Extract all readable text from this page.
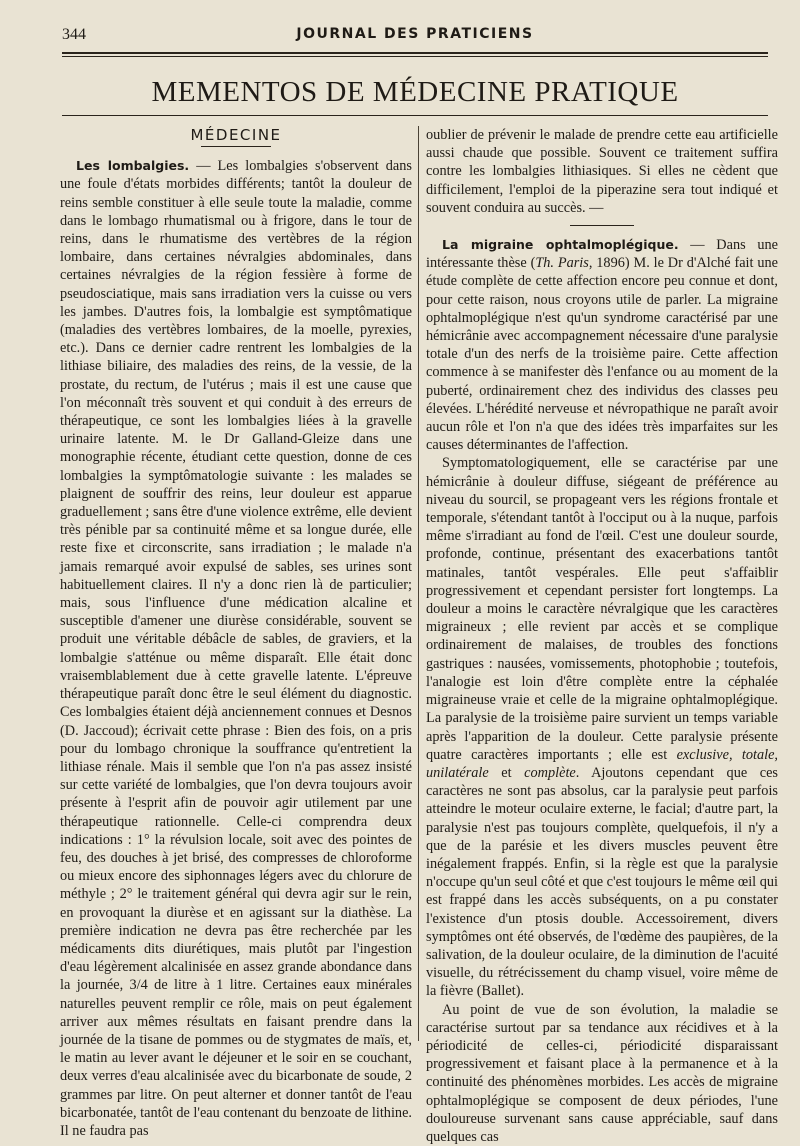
344	JOURNAL DES PRATICIENS
MEMENTOS DE MÉDECINE PRATIQUE
MÉDECINE

Les lombalgies. — Les lombalgies s'observent dans une foule d'états morbides différents; tantôt la douleur de reins semble constituer à elle seule toute la maladie, comme dans le lombago rhumatismal ou à frigore, dans le tour de reins, dans le rhumatisme des vertèbres de la région lombaire, dans certaines névralgies abdominales, dans certaines névralgies de la région fessière à forme de pseudosciatique, mais sans irradiation vers la cuisse ou vers les jambes. D'autres fois, la lombalgie est symptômatique (maladies des vertèbres lombaires, de la moelle, pyrexies, etc.). Dans ce dernier cadre rentrent les lombalgies de la lithiase biliaire, des maladies des reins, de la vessie, de la prostate, du rectum, de l'utérus ; mais il est une cause que l'on méconnaît très souvent et qui conduit à des erreurs de thérapeutique, ce sont les lombalgies liées à la gravelle urinaire latente. M. le Dr Galland-Gleize dans une monographie récente, étudiant cette question, donne de ces lombalgies la symptômatologie suivante : les malades se plaignent de souffrir des reins, leur douleur est apparue graduellement ; sans être d'une violence extrême, elle devient très pénible par sa continuité même et sa longue durée, elle reste fixe et circonscrite, sans irradiation ; le malade n'a jamais remarqué avoir expulsé de sables, ses urines sont habituellement claires. Il n'y a donc rien là de particulier; mais, sous l'influence d'une médication alcaline et susceptible d'amener une diurèse considérable, souvent se produit une véritable débâcle de sables, de graviers, et la lombalgie s'atténue ou même disparaît. Elle était donc vraisemblablement due à cette gravelle latente. L'épreuve thérapeutique paraît donc être le seul élément du diagnostic. Ces lombalgies étaient déjà anciennement connues et Desnos (D. Jaccoud); écrivait cette phrase : Bien des fois, on a pris pour du lombago chronique la souffrance qu'entretient la lithiase rénale. Mais il semble que l'on n'a pas assez insisté sur cette variété de lombalgies, que l'on devra toujours avoir présente à l'esprit afin de pouvoir agir utilement par une thérapeutique rationnelle. Celle-ci comprendra deux indications : 1° la révulsion locale, soit avec des pointes de feu, des douches à jet brisé, des compresses de chloroforme ou mieux encore des siphonnages légers avec du chlorure de méthyle ; 2° le traitement général qui devra agir sur le rein, en provoquant la diurèse et en agissant sur la diathèse. La première indication ne devra pas être recherchée par les médicaments dits diurétiques, mais plutôt par l'ingestion d'eau légèrement alcalinisée en assez grande abondance dans la journée, 3/4 de litre à 1 litre. Certaines eaux minérales naturelles peuvent remplir ce rôle, mais on peut également arriver aux mêmes résultats en faisant prendre dans la journée de la tisane de pommes ou de stygmates de maïs, et, le matin au lever avant le déjeuner et le soir en se couchant, deux verres d'eau alcalinisée avec du bicarbonate de soude, 2 grammes par litre. On peut alterner et donner tantôt de l'eau bicarbonatée, tantôt de l'eau contenant du benzoate de lithine. Il ne faudra pas

oublier de prévenir le malade de prendre cette eau artificielle aussi chaude que possible. Souvent ce traitement suffira contre les lombalgies lithiasiques. Si elles ne cèdent que difficilement, l'emploi de la piperazine sera tout indiqué et souvent conduira au succès. —

La migraine ophtalmoplégique. — Dans une intéressante thèse (Th. Paris, 1896) M. le Dr d'Alché fait une étude complète de cette affection encore peu connue et dont, pour cette raison, nous croyons utile de parler. La migraine ophtalmoplégique n'est qu'un syndrome caractérisé par une hémicrânie avec accompagnement nécessaire d'une paralysie totale d'un des nerfs de la troisième paire. Cette affection commence à se manifester dès l'enfance ou au moment de la puberté, ordinairement chez des individus des classes peu élevées. L'hérédité nerveuse et névropathique ne paraît avoir aucun rôle et l'on n'a que des idées très imparfaites sur les causes déterminantes de l'affection.

Symptomatologiquement, elle se caractérise par une hémicrânie à douleur diffuse, siégeant de préférence au niveau du sourcil, se propageant vers les régions frontale et temporale, s'étendant tantôt à l'occiput ou à la nuque, parfois même s'irradiant au fond de l'œil. C'est une douleur sourde, profonde, continue, présentant des exacerbations tantôt matinales, tantôt vespérales. Elle peut s'affaiblir progressivement et cependant persister fort longtemps. La douleur a moins le caractère névralgique que les caractères migraineux ; elle revient par accès et se complique ordinairement de malaises, de troubles des fonctions gastriques : nausées, vomissements, photophobie ; toutefois, l'analogie est loin d'être complète entre la céphalée migraineuse vraie et celle de la migraine ophtalmoplégique. La paralysie de la troisième paire survient un temps variable après l'apparition de la douleur. Cette paralysie présente quatre caractères importants ; elle est exclusive, totale, unilatérale et complète. Ajoutons cependant que ces caractères ne sont pas absolus, car la paralysie peut parfois atteindre le moteur oculaire externe, le facial; d'autre part, la paralysie n'est pas toujours complète, quelquefois, il n'y a que de la parésie et les divers muscles peuvent être inégalement frappés. Enfin, si la règle est que la paralysie n'occupe qu'un seul côté et que c'est toujours le même œil qui est frappé dans les accès subséquents, on a pu constater l'existence d'un ptosis double. Accessoirement, divers symptômes ont été observés, de l'œdème des paupières, de la salivation, de la douleur oculaire, de la diminution de l'acuité visuelle, du rétrécissement du champ visuel, voire même de la fièvre (Ballet).

Au point de vue de son évolution, la maladie se caractérise surtout par sa tendance aux récidives et à la périodicité de celles-ci, périodicité disparaissant progressivement et faisant place à la permanence et à la continuité des phénomènes morbides. Les accès de migraine ophtalmoplégique se composent de deux périodes, l'une douloureuse survenant sans cause appréciable, sauf dans quelques cas
